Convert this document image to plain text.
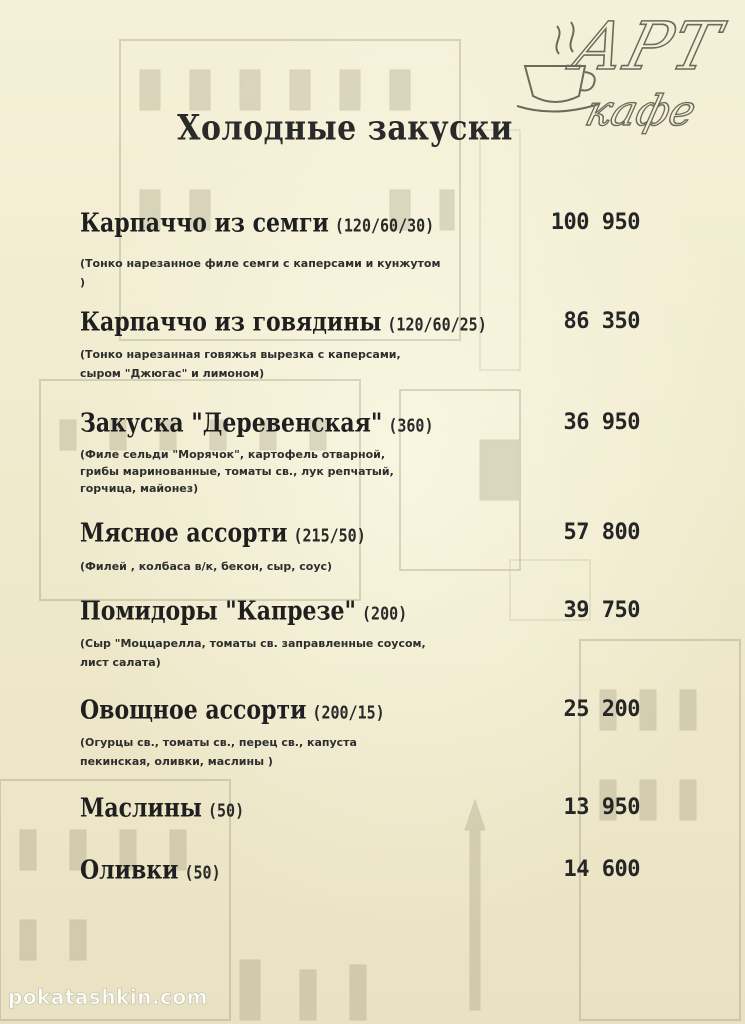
АРТ
кафе
Холодные закуски
Карпаччо из семги (120/60/30)	100 950
(Тонко нарезанное филе семги с каперсами и кунжутом )
Карпаччо из говядины (120/60/25)	86 350
(Тонко нарезанная говяжья вырезка с каперсами, сыром "Джюгас" и лимоном)
Закуска "Деревенская" (360)	36 950
(Филе сельди "Морячок", картофель отварной, грибы маринованные, томаты св., лук репчатый, горчица, майонез)
Мясное ассорти (215/50)	57 800
(Филей , колбаса в/к, бекон, сыр, соус)
Помидоры "Капрезе" (200)	39 750
(Сыр "Моццарелла, томаты св. заправленные соусом, лист салата)
Овощное ассорти (200/15)	25 200
(Огурцы св., томаты св., перец св., капуста пекинская, оливки, маслины )
Маслины (50)	13 950
Оливки (50)	14 600
pokatashkin.com
